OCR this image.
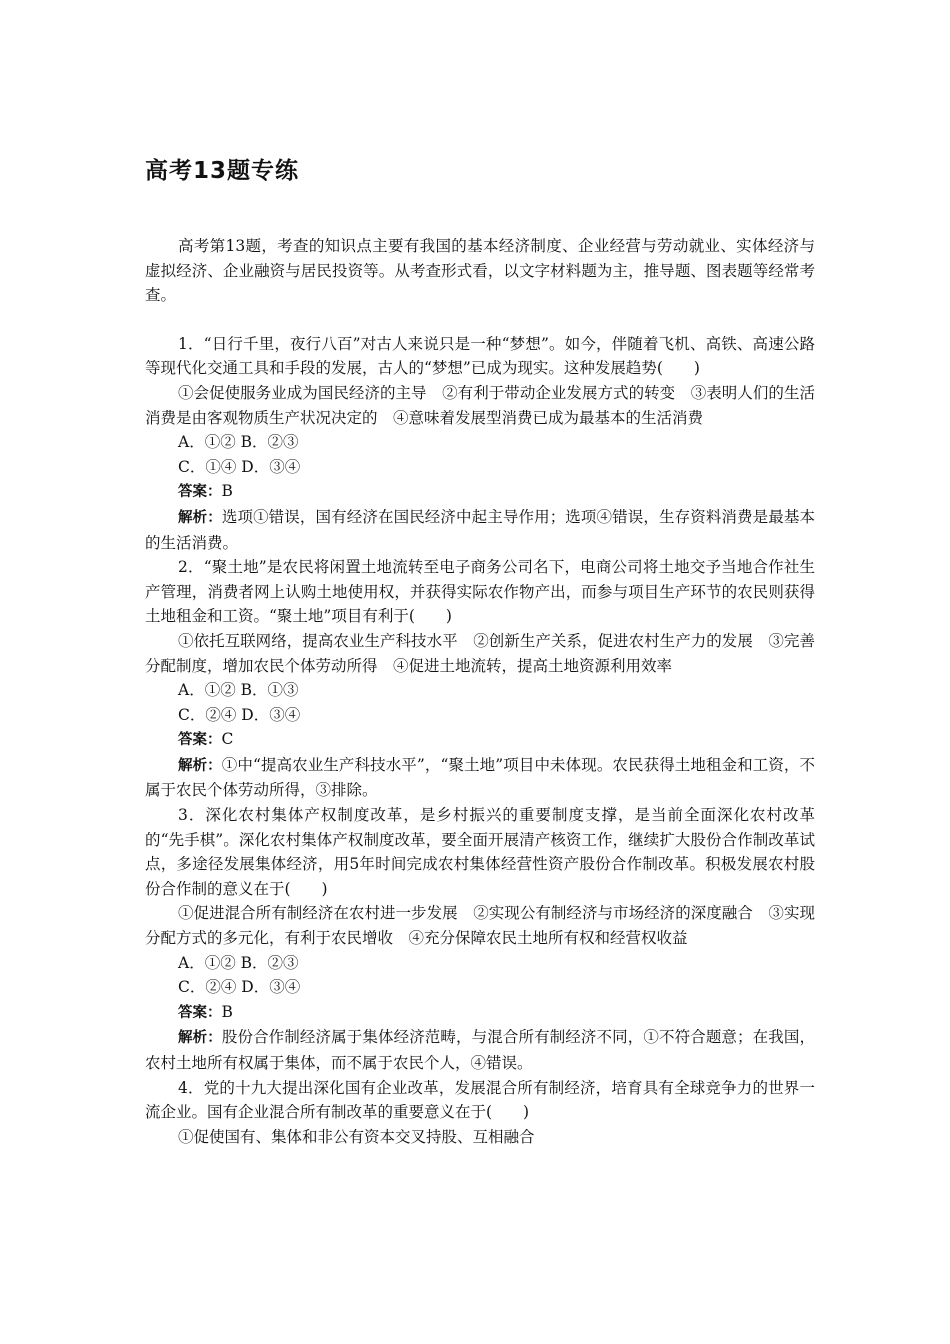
高考13题专练

高考第13题，考查的知识点主要有我国的基本经济制度、企业经营与劳动就业、实体经济与虚拟经济、企业融资与居民投资等。从考查形式看，以文字材料题为主，推导题、图表题等经常考查。

1．“日行千里，夜行八百”对古人来说只是一种“梦想”。如今，伴随着飞机、高铁、高速公路等现代化交通工具和手段的发展，古人的“梦想”已成为现实。这种发展趋势(　　)

①会促使服务业成为国民经济的主导　②有利于带动企业发展方式的转变　③表明人们的生活消费是由客观物质生产状况决定的　④意味着发展型消费已成为最基本的生活消费

A．①② B．②③

C．①④ D．③④

答案：B

解析：选项①错误，国有经济在国民经济中起主导作用；选项④错误，生存资料消费是最基本的生活消费。

2．“聚土地”是农民将闲置土地流转至电子商务公司名下，电商公司将土地交予当地合作社生产管理，消费者网上认购土地使用权，并获得实际农作物产出，而参与项目生产环节的农民则获得土地租金和工资。“聚土地”项目有利于(　　)

①依托互联网络，提高农业生产科技水平　②创新生产关系，促进农村生产力的发展　③完善分配制度，增加农民个体劳动所得　④促进土地流转，提高土地资源利用效率

A．①② B．①③

C．②④ D．③④

答案：C

解析：①中“提高农业生产科技水平”，“聚土地”项目中未体现。农民获得土地租金和工资，不属于农民个体劳动所得，③排除。

3．深化农村集体产权制度改革，是乡村振兴的重要制度支撑，是当前全面深化农村改革的“先手棋”。深化农村集体产权制度改革，要全面开展清产核资工作，继续扩大股份合作制改革试点，多途径发展集体经济，用5年时间完成农村集体经营性资产股份合作制改革。积极发展农村股份合作制的意义在于(　　)

①促进混合所有制经济在农村进一步发展　②实现公有制经济与市场经济的深度融合　③实现分配方式的多元化，有利于农民增收　④充分保障农民土地所有权和经营权收益

A．①② B．②③

C．②④ D．③④

答案：B

解析：股份合作制经济属于集体经济范畴，与混合所有制经济不同，①不符合题意；在我国，农村土地所有权属于集体，而不属于农民个人，④错误。

4．党的十九大提出深化国有企业改革，发展混合所有制经济，培育具有全球竞争力的世界一流企业。国有企业混合所有制改革的重要意义在于(　　)

①促使国有、集体和非公有资本交叉持股、互相融合
